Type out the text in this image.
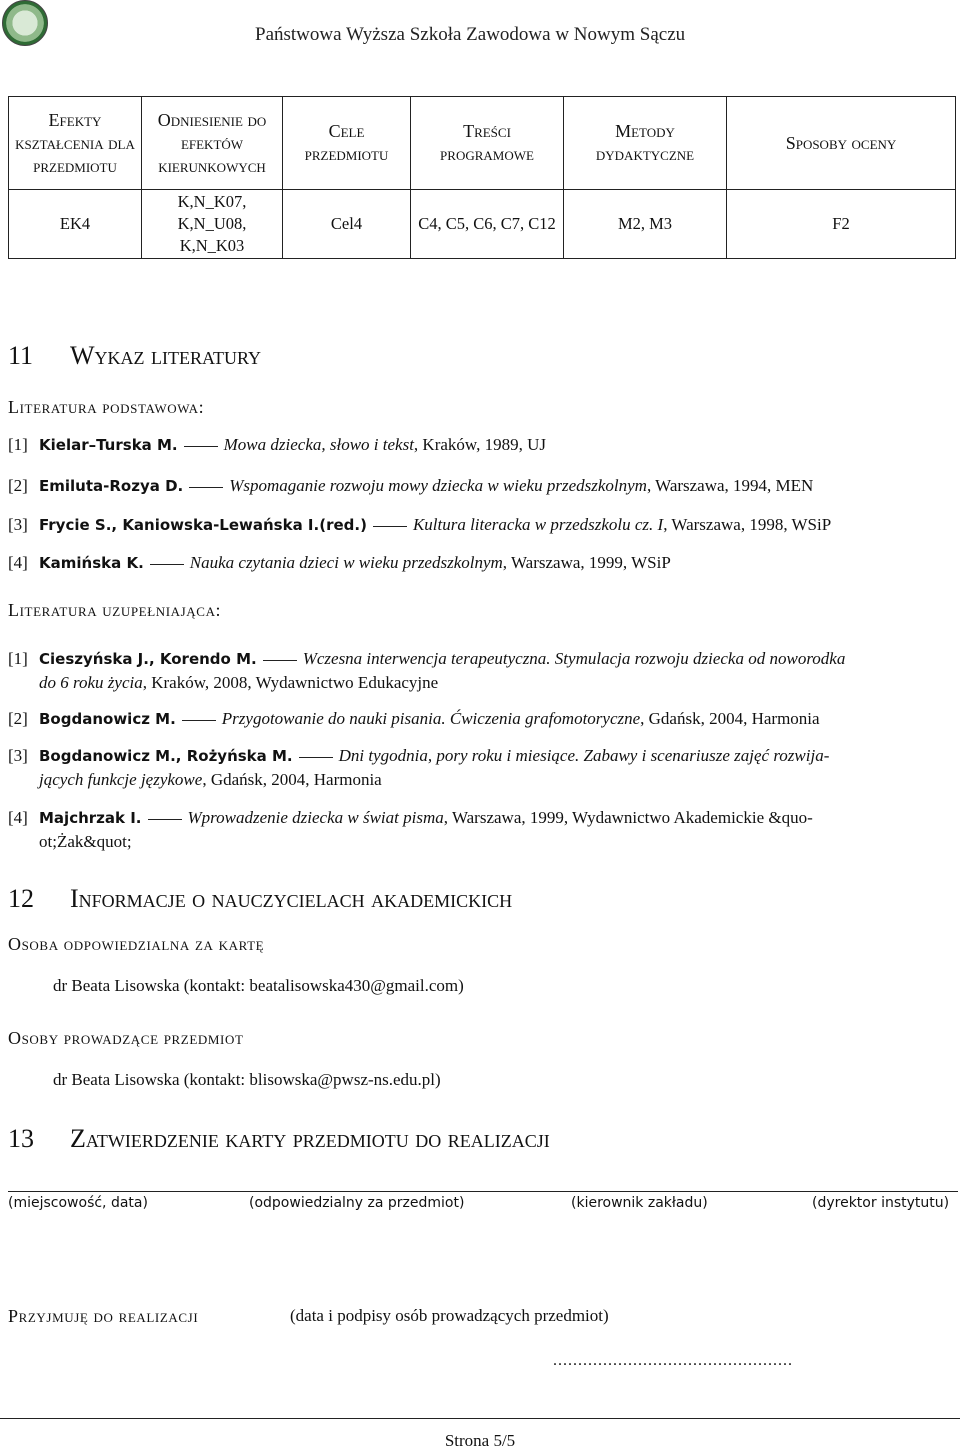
Państwowa Wyższa Szkoła Zawodowa w Nowym Sączu
Efekty kształcenia dla przedmiotu	Odniesienie do efektów kierunkowych	Cele przedmiotu	Treści programowe	Metody dydaktyczne	Sposoby oceny
EK4	K,N_K07, K,N_U08, K,N_K03	Cel4	C4, C5, C6, C7, C12	M2, M3	F2
11 Wykaz literatury
Literatura podstawowa:
[1] Kielar–Turska M.	Mowa dziecka, słowo i tekst, Kraków, 1989, UJ
[2] Emiluta-Rozya D.	Wspomaganie rozwoju mowy dziecka w wieku przedszkolnym, Warszawa, 1994, MEN
[3] Frycie S., Kaniowska-Lewańska I.(red.)	Kultura literacka w przedszkolu cz. I, Warszawa, 1998, WSiP
[4] Kamińska K.	Nauka czytania dzieci w wieku przedszkolnym, Warszawa, 1999, WSiP
Literatura uzupełniająca:
[1] Cieszyńska J., Korendo M.	Wczesna interwencja terapeutyczna. Stymulacja rozwoju dziecka od noworodka
do 6 roku życia, Kraków, 2008, Wydawnictwo Edukacyjne
[2] Bogdanowicz M.	Przygotowanie do nauki pisania. Ćwiczenia grafomotoryczne, Gdańsk, 2004, Harmonia
[3] Bogdanowicz M., Rożyńska M.	Dni tygodnia, pory roku i miesiące. Zabawy i scenariusze zajęć rozwija-
jących funkcje językowe, Gdańsk, 2004, Harmonia
[4] Majchrzak I.	Wprowadzenie dziecka w świat pisma, Warszawa, 1999, Wydawnictwo Akademickie &quo-
ot;Żak&quot;
12 Informacje o nauczycielach akademickich
Osoba odpowiedzialna za kartę
dr Beata Lisowska (kontakt: beatalisowska430@gmail.com)
Osoby prowadzące przedmiot
dr Beata Lisowska (kontakt: blisowska@pwsz-ns.edu.pl)
13 Zatwierdzenie karty przedmiotu do realizacji
(miejscowość, data)	(odpowiedzialny za przedmiot)	(kierownik zakładu)	(dyrektor instytutu)
Przyjmuję do realizacji	(data i podpisy osób prowadzących przedmiot)
................................................
Strona 5/5
